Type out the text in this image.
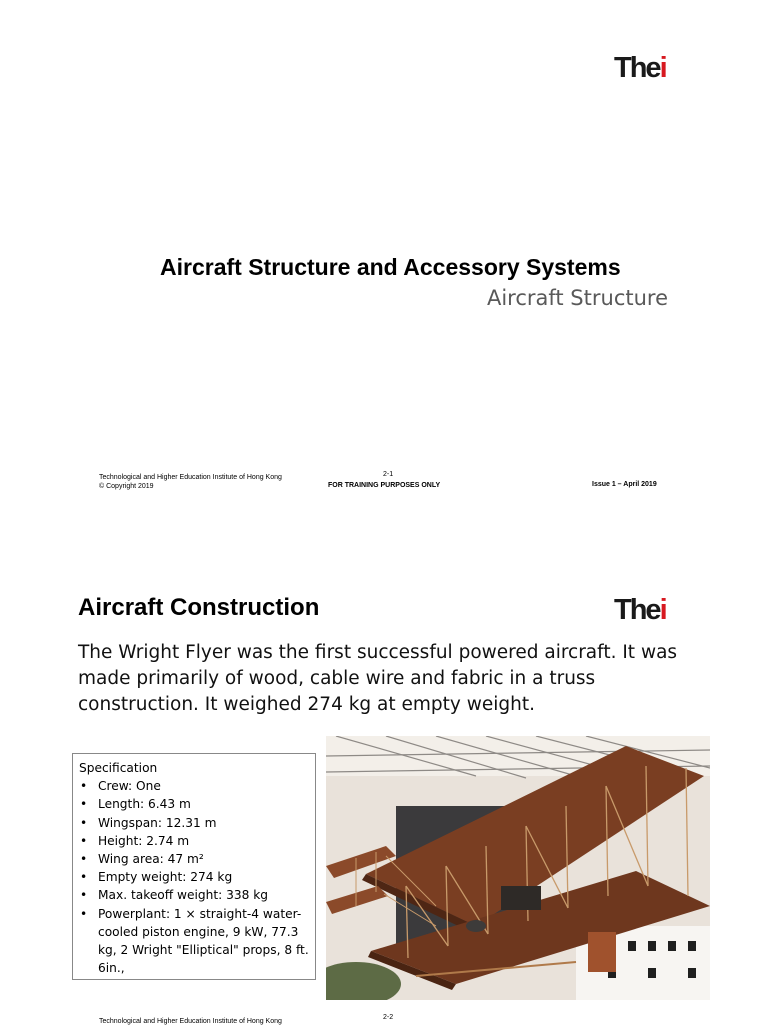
Thei
Aircraft Structure and Accessory Systems
Aircraft Structure
Technological and Higher Education Institute of Hong Kong
© Copyright 2019
2-1
FOR TRAINING PURPOSES ONLY	Issue 1 – April 2019
Thei
Aircraft Construction
The Wright Flyer was the first successful powered aircraft. It was made primarily of wood, cable wire and fabric in a truss construction. It weighed 274 kg at empty weight.
Specification
• Crew: One
• Length: 6.43 m
• Wingspan: 12.31 m
• Height: 2.74 m
• Wing area: 47 m²
• Empty weight: 274 kg
• Max. takeoff weight: 338 kg
• Powerplant: 1 × straight-4 water-cooled piston engine, 9 kW, 77.3 kg, 2 Wright "Elliptical" props, 8 ft. 6in.,
Technological and Higher Education Institute of Hong Kong
2-2
